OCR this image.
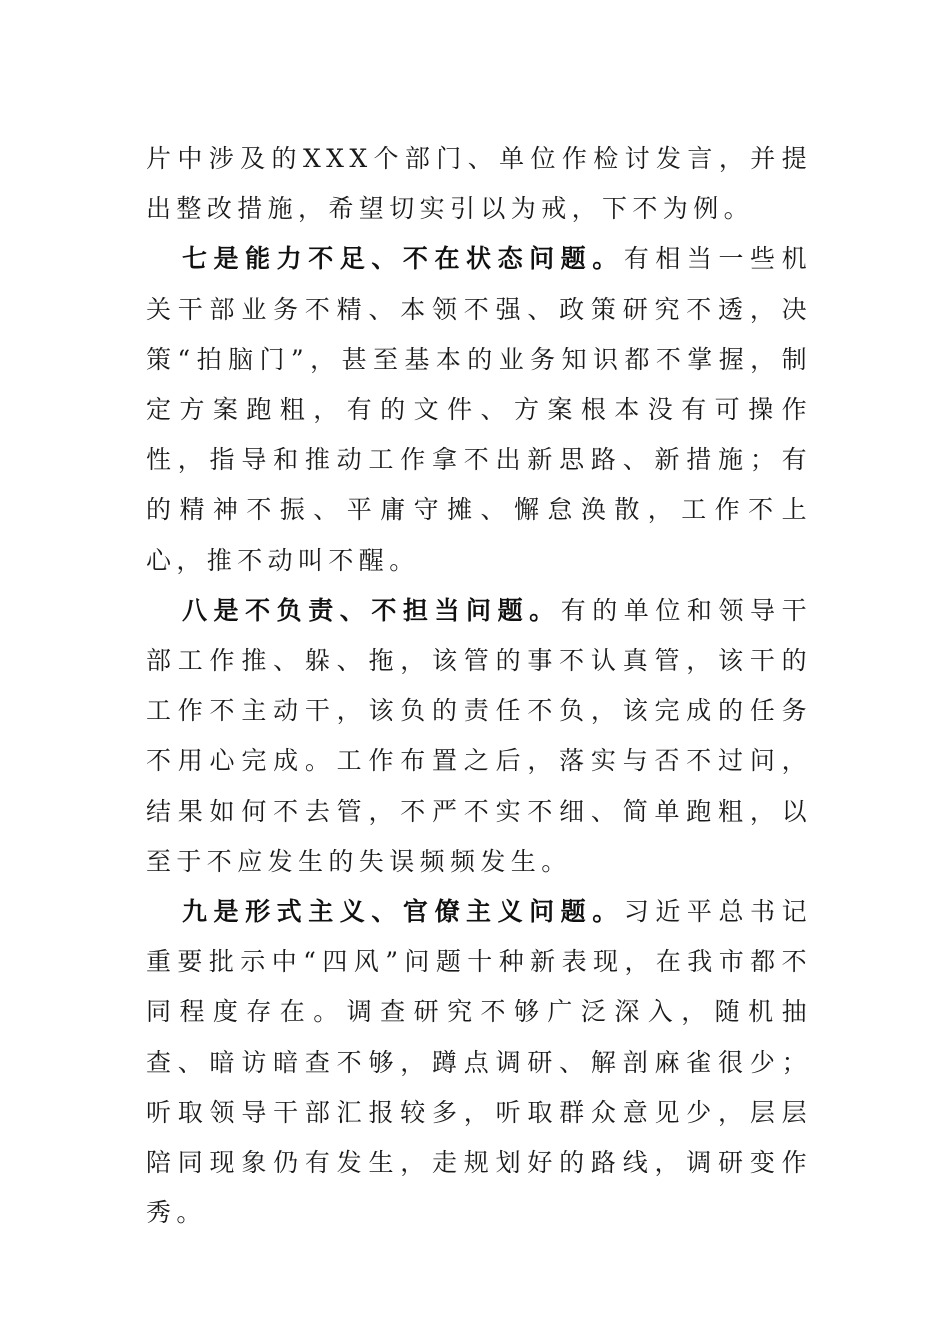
片中涉及的XXX个部门、单位作检讨发言，并提出整改措施，希望切实引以为戒，下不为例。

七是能力不足、不在状态问题。有相当一些机关干部业务不精、本领不强、政策研究不透，决策“拍脑门”，甚至基本的业务知识都不掌握，制定方案跑粗，有的文件、方案根本没有可操作性，指导和推动工作拿不出新思路、新措施；有的精神不振、平庸守摊、懈怠涣散，工作不上心，推不动叫不醒。

八是不负责、不担当问题。有的单位和领导干部工作推、躲、拖，该管的事不认真管，该干的工作不主动干，该负的责任不负，该完成的任务不用心完成。工作布置之后，落实与否不过问，结果如何不去管，不严不实不细、简单跑粗，以至于不应发生的失误频频发生。

九是形式主义、官僚主义问题。习近平总书记重要批示中“四风”问题十种新表现，在我市都不同程度存在。调查研究不够广泛深入，随机抽查、暗访暗查不够，蹲点调研、解剖麻雀很少；听取领导干部汇报较多，听取群众意见少，层层陪同现象仍有发生，走规划好的路线，调研变作秀。
